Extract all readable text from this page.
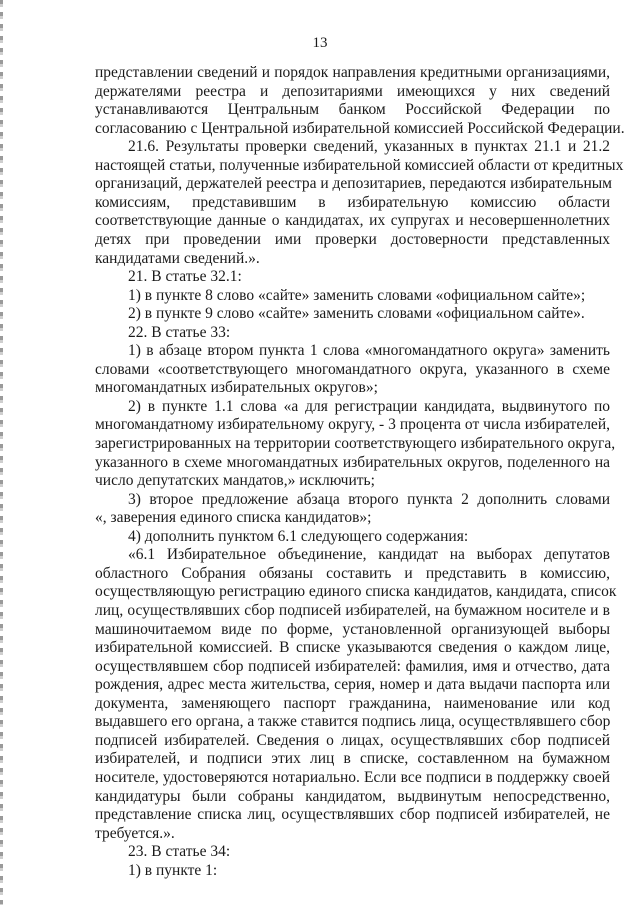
13
представлении сведений и порядок направления кредитными организациями,
держателями реестра и депозитариями имеющихся у них сведений
устанавливаются Центральным банком Российской Федерации по
согласованию с Центральной избирательной комиссией Российской Федерации.
21.6. Результаты проверки сведений, указанных в пунктах 21.1 и 21.2
настоящей статьи, полученные избирательной комиссией области от кредитных
организаций, держателей реестра и депозитариев, передаются избирательным
комиссиям, представившим в избирательную комиссию области
соответствующие данные о кандидатах, их супругах и несовершеннолетних
детях при проведении ими проверки достоверности представленных
кандидатами сведений.».
21. В статье 32.1:
1) в пункте 8 слово «сайте» заменить словами «официальном сайте»;
2) в пункте 9 слово «сайте» заменить словами «официальном сайте».
22. В статье 33:
1) в абзаце втором пункта 1 слова «многомандатного округа» заменить
словами «соответствующего многомандатного округа, указанного в схеме
многомандатных избирательных округов»;
2) в пункте 1.1 слова «а для регистрации кандидата, выдвинутого по
многомандатному избирательному округу, - 3 процента от числа избирателей,
зарегистрированных на территории соответствующего избирательного округа,
указанного в схеме многомандатных избирательных округов, поделенного на
число депутатских мандатов,» исключить;
3) второе предложение абзаца второго пункта 2 дополнить словами
«, заверения единого списка кандидатов»;
4) дополнить пунктом 6.1 следующего содержания:
«6.1 Избирательное объединение, кандидат на выборах депутатов
областного Собрания обязаны составить и представить в комиссию,
осуществляющую регистрацию единого списка кандидатов, кандидата, список
лиц, осуществлявших сбор подписей избирателей, на бумажном носителе и в
машиночитаемом виде по форме, установленной организующей выборы
избирательной комиссией. В списке указываются сведения о каждом лице,
осуществлявшем сбор подписей избирателей: фамилия, имя и отчество, дата
рождения, адрес места жительства, серия, номер и дата выдачи паспорта или
документа, заменяющего паспорт гражданина, наименование или код
выдавшего его органа, а также ставится подпись лица, осуществлявшего сбор
подписей избирателей. Сведения о лицах, осуществлявших сбор подписей
избирателей, и подписи этих лиц в списке, составленном на бумажном
носителе, удостоверяются нотариально. Если все подписи в поддержку своей
кандидатуры были собраны кандидатом, выдвинутым непосредственно,
представление списка лиц, осуществлявших сбор подписей избирателей, не
требуется.».
23. В статье 34:
1) в пункте 1:
